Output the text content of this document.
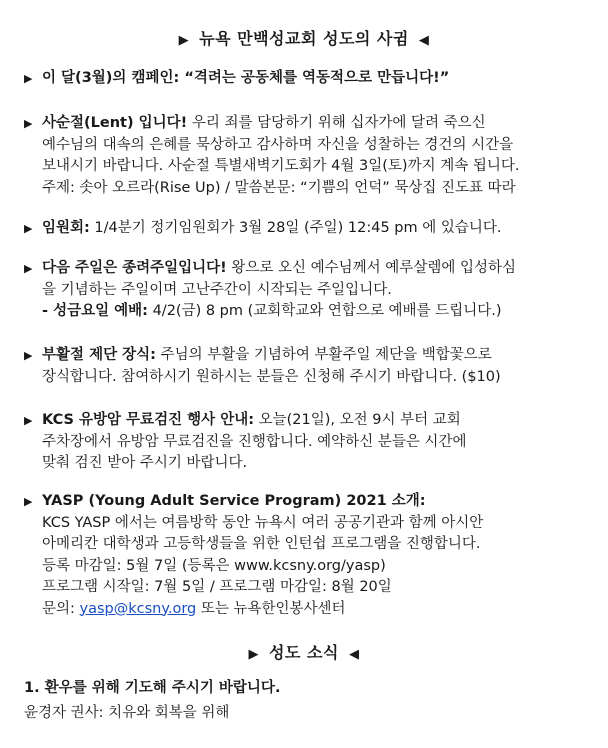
▶ 뉴욕 만백성교회 성도의 사귐 ◀
▶ 이 달(3월)의 캠페인: “격려는 공동체를 역동적으로 만듭니다!”
▶ 사순절(Lent) 입니다! 우리 죄를 담당하기 위해 십자가에 달려 죽으신
예수님의 대속의 은혜를 묵상하고 감사하며 자신을 성찰하는 경건의 시간을
보내시기 바랍니다. 사순절 특별새벽기도회가 4월 3일(토)까지 계속 됩니다.
주제: 솟아 오르라(Rise Up) / 말씀본문: “기쁨의 언덕” 묵상집 진도표 따라
▶ 임원회: 1/4분기 정기임원회가 3월 28일 (주일) 12:45 pm 에 있습니다.
▶ 다음 주일은 종려주일입니다! 왕으로 오신 예수님께서 예루살렘에 입성하심
을 기념하는 주일이며 고난주간이 시작되는 주일입니다.
- 성금요일 예배: 4/2(금) 8 pm (교회학교와 연합으로 예배를 드립니다.)
▶ 부활절 제단 장식: 주님의 부활을 기념하여 부활주일 제단을 백합꽃으로
장식합니다. 참여하시기 원하시는 분들은 신청해 주시기 바랍니다. ($10)
▶ KCS 유방암 무료검진 행사 안내: 오늘(21일), 오전 9시 부터 교회
주차장에서 유방암 무료검진을 진행합니다. 예약하신 분들은 시간에
맞춰 검진 받아 주시기 바랍니다.
▶ YASP (Young Adult Service Program) 2021 소개:
KCS YASP 에서는 여름방학 동안 뉴욕시 여러 공공기관과 함께 아시안
아메리칸 대학생과 고등학생들을 위한 인턴쉽 프로그램을 진행합니다.
등록 마감일: 5월 7일 (등록은 www.kcsny.org/yasp)
프로그램 시작일: 7월 5일 / 프로그램 마감일: 8월 20일
문의: yasp@kcsny.org 또는 뉴욕한인봉사센터
▶ 성도 소식 ◀
1. 환우를 위해 기도해 주시기 바랍니다.
윤경자 권사: 치유와 회복을 위해
